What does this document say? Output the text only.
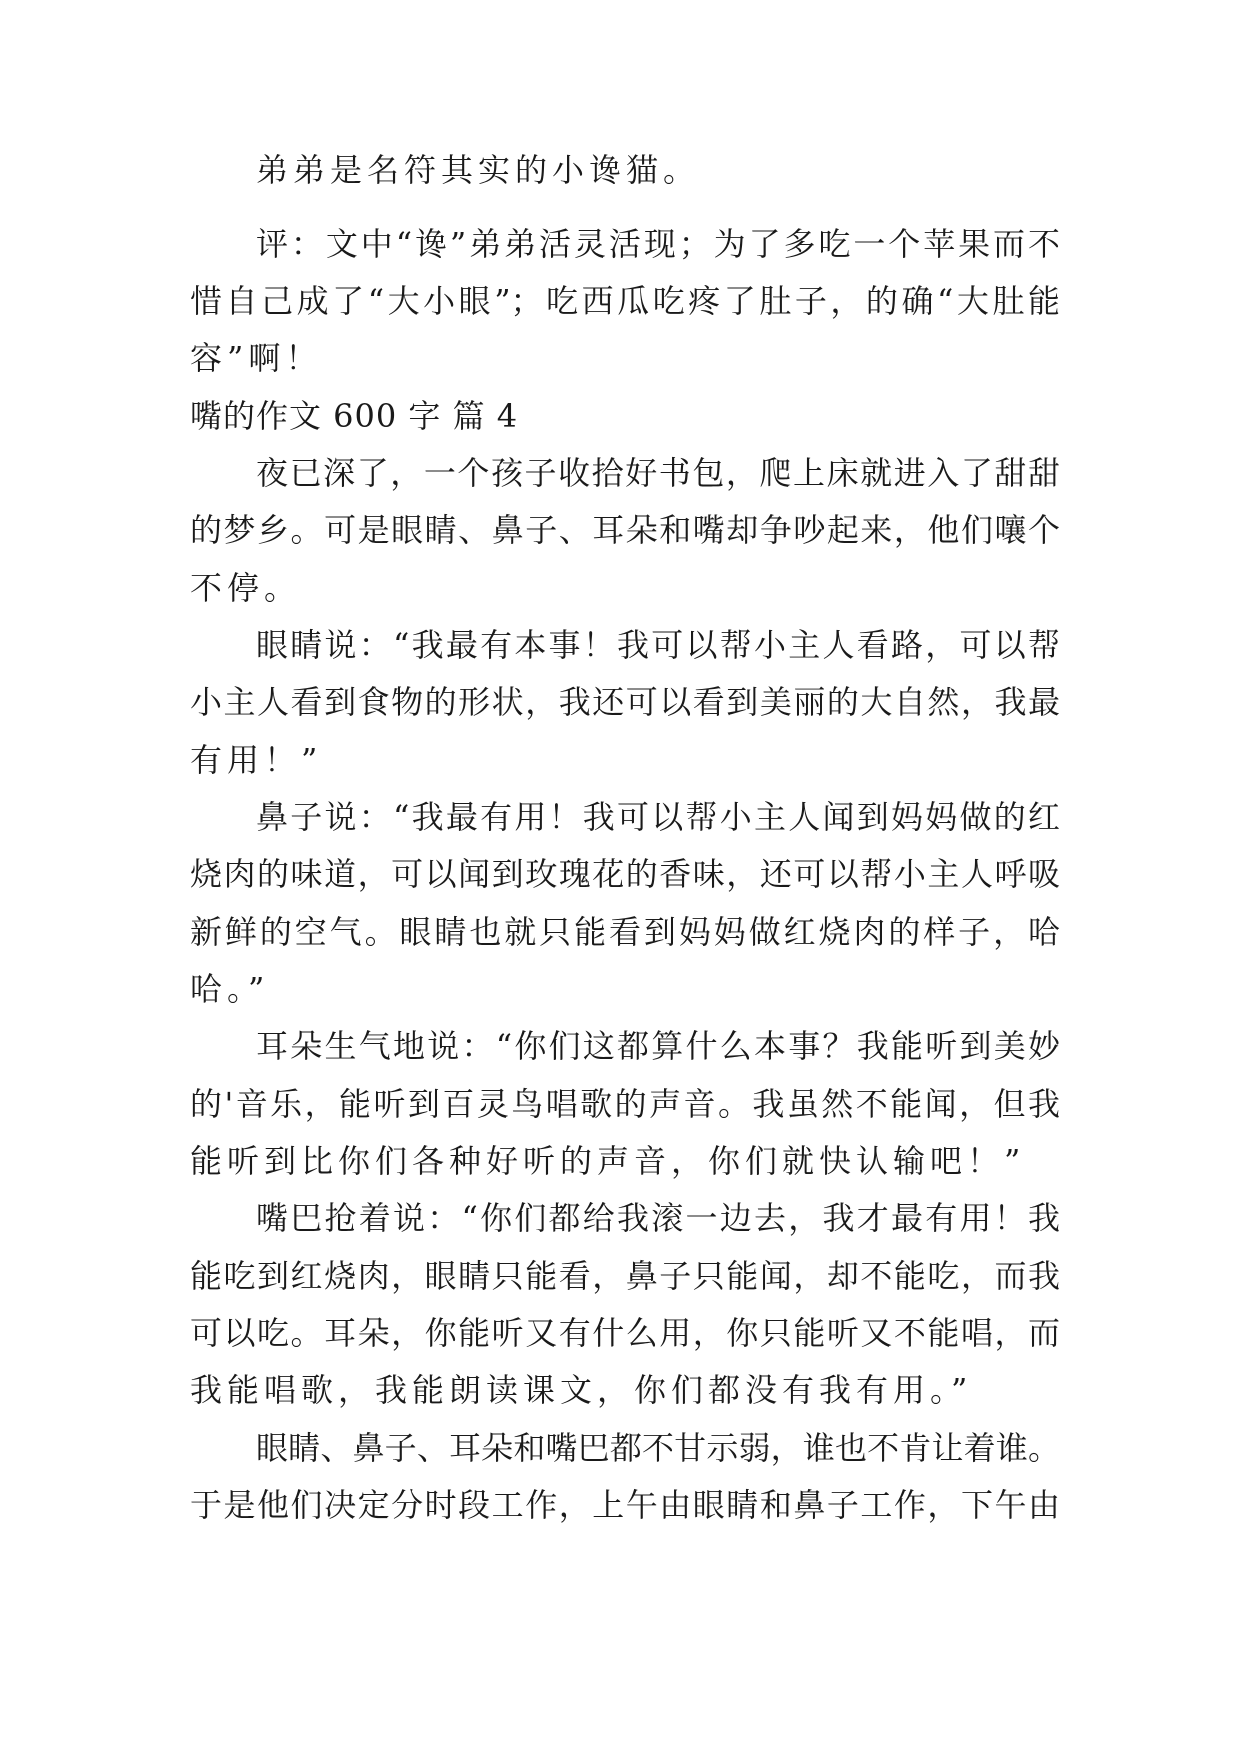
弟弟是名符其实的小谗猫。
评：文中“谗”弟弟活灵活现；为了多吃一个苹果而不
惜自己成了“大小眼”；吃西瓜吃疼了肚子，的确“大肚能
容”啊！
嘴的作文 600 字 篇 4
夜已深了，一个孩子收拾好书包，爬上床就进入了甜甜
的梦乡。可是眼睛、鼻子、耳朵和嘴却争吵起来，他们嚷个
不停。
眼睛说：“我最有本事！我可以帮小主人看路，可以帮
小主人看到食物的形状，我还可以看到美丽的大自然，我最
有用！”
鼻子说：“我最有用！我可以帮小主人闻到妈妈做的红
烧肉的味道，可以闻到玫瑰花的香味，还可以帮小主人呼吸
新鲜的空气。眼睛也就只能看到妈妈做红烧肉的样子，哈
哈。”
耳朵生气地说：“你们这都算什么本事？我能听到美妙
的'音乐，能听到百灵鸟唱歌的声音。我虽然不能闻，但我
能听到比你们各种好听的声音，你们就快认输吧！”
嘴巴抢着说：“你们都给我滚一边去，我才最有用！我
能吃到红烧肉，眼睛只能看，鼻子只能闻，却不能吃，而我
可以吃。耳朵，你能听又有什么用，你只能听又不能唱，而
我能唱歌，我能朗读课文，你们都没有我有用。”
眼睛、鼻子、耳朵和嘴巴都不甘示弱，谁也不肯让着谁。
于是他们决定分时段工作，上午由眼睛和鼻子工作，下午由
